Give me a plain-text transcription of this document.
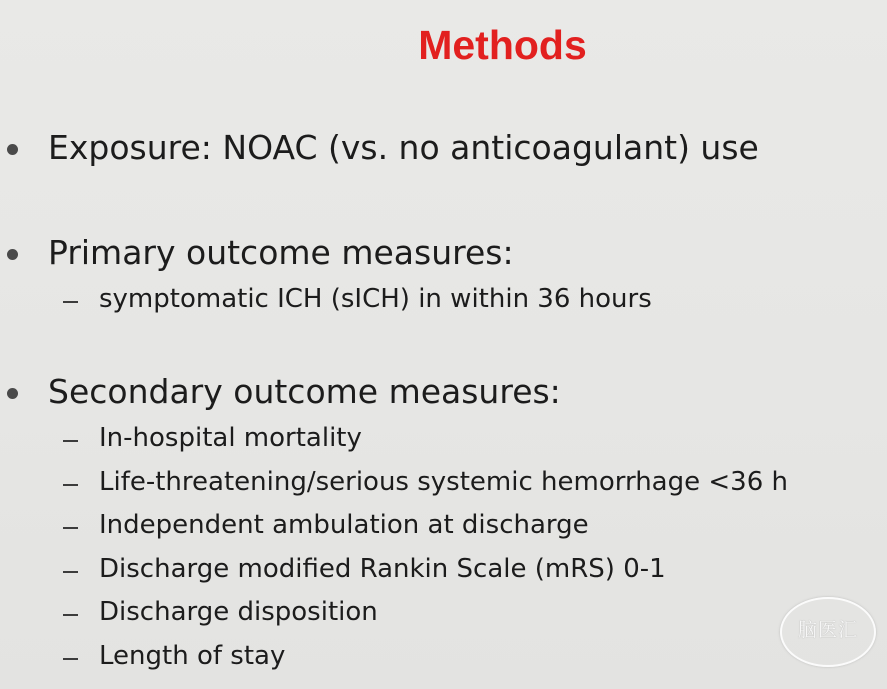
Methods
Exposure: NOAC (vs. no anticoagulant) use
Primary outcome measures:
symptomatic ICH (sICH) in within 36 hours
Secondary outcome measures:
In-hospital mortality
Life-threatening/serious systemic hemorrhage <36 h
Independent ambulation at discharge
Discharge modified Rankin Scale (mRS) 0-1
Discharge disposition
Length of stay
脑医汇
